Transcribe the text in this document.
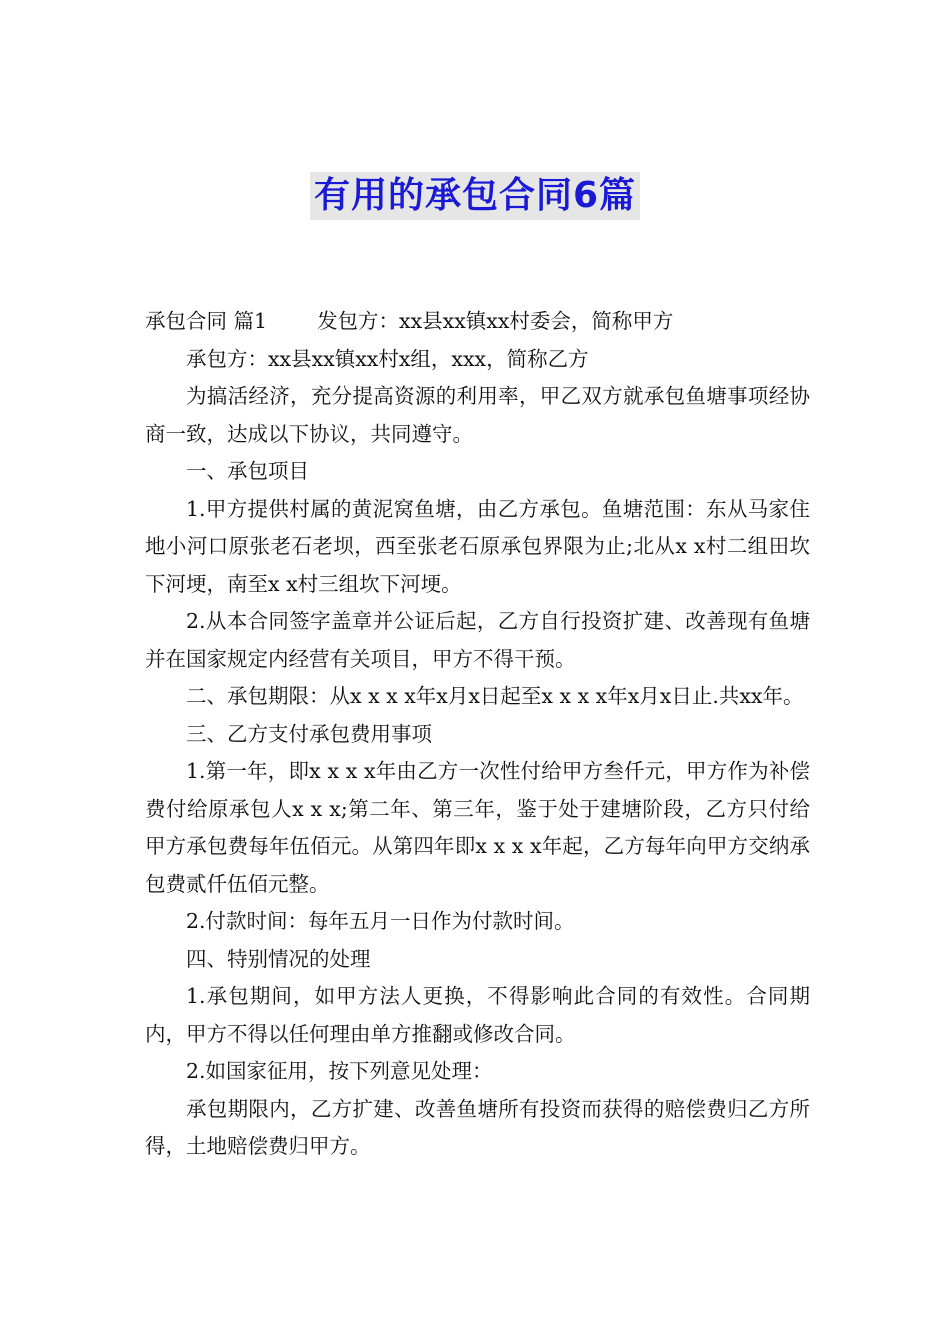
有用的承包合同6篇

承包合同 篇1 发包方：xx县xx镇xx村委会，简称甲方

承包方：xx县xx镇xx村x组，xxx，简称乙方

为搞活经济，充分提高资源的利用率，甲乙双方就承包鱼塘事项经协商一致，达成以下协议，共同遵守。

一、承包项目

1.甲方提供村属的黄泥窝鱼塘，由乙方承包。鱼塘范围：东从马家住地小河口原张老石老坝，西至张老石原承包界限为止;北从x x村二组田坎下河埂，南至x x村三组坎下河埂。

2.从本合同签字盖章并公证后起，乙方自行投资扩建、改善现有鱼塘并在国家规定内经营有关项目，甲方不得干预。

二、承包期限：从x x x x年x月x日起至x x x x年x月x日止.共xx年。

三、乙方支付承包费用事项

1.第一年，即x x x x年由乙方一次性付给甲方叁仟元，甲方作为补偿费付给原承包人x x x;第二年、第三年，鉴于处于建塘阶段，乙方只付给甲方承包费每年伍佰元。从第四年即x x x x年起，乙方每年向甲方交纳承包费贰仟伍佰元整。

2.付款时间：每年五月一日作为付款时间。

四、特别情况的处理

1.承包期间，如甲方法人更换，不得影响此合同的有效性。合同期内，甲方不得以任何理由单方推翻或修改合同。

2.如国家征用，按下列意见处理：

承包期限内，乙方扩建、改善鱼塘所有投资而获得的赔偿费归乙方所得，土地赔偿费归甲方。
